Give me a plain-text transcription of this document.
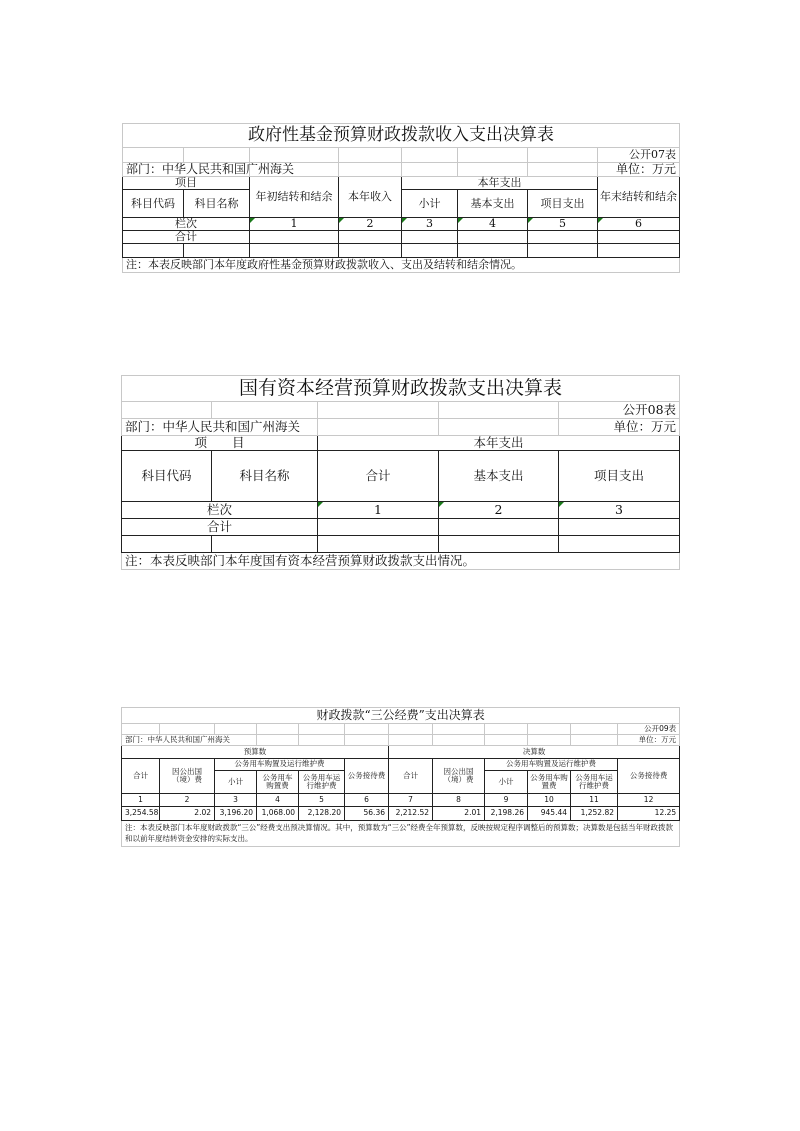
政府性基金预算财政拨款收入支出决算表							
							公开07表
部门：中华人民共和国广州海关							单位：万元
项目		年初结转和结余	本年收入	本年支出			年末结转和结余
科目代码	科目名称			小计	基本支出	项目支出	
栏次		1	2	3	4	5	6
合计							

注：本表反映部门本年度政府性基金预算财政拨款收入、支出及结转和结余情况。							
国有资本经营预算财政拨款支出决算表				
				公开08表
部门：中华人民共和国广州海关				单位：万元
项　　目		本年支出		
科目代码	科目名称	合计	基本支出	项目支出
栏次		1	2	3
合计				

注：本表反映部门本年度国有资本经营预算财政拨款支出情况。				
财政拨款“三公经费”支出决算表											
											公开09表
部门：中华人民共和国广州海关											单位：万元
预算数						决算数					
合计	因公出国（境）费	公务用车购置及运行维护费			公务接待费	合计	因公出国（境）费	公务用车购置及运行维护费			公务接待费
		小计	公务用车购置费	公务用车运行维护费				小计	公务用车购置费	公务用车运行维护费	
1	2	3	4	5	6	7	8	9	10	11	12
3,254.58	2.02	3,196.20	1,068.00	2,128.20	56.36	2,212.52	2.01	2,198.26	945.44	1,252.82	12.25
注：本表反映部门本年度财政拨款“三公”经费支出预决算情况。其中，预算数为“三公”经费全年预算数，反映按规定程序调整后的预算数；决算数是包括当年财政拨款和以前年度结转资金安排的实际支出。											
